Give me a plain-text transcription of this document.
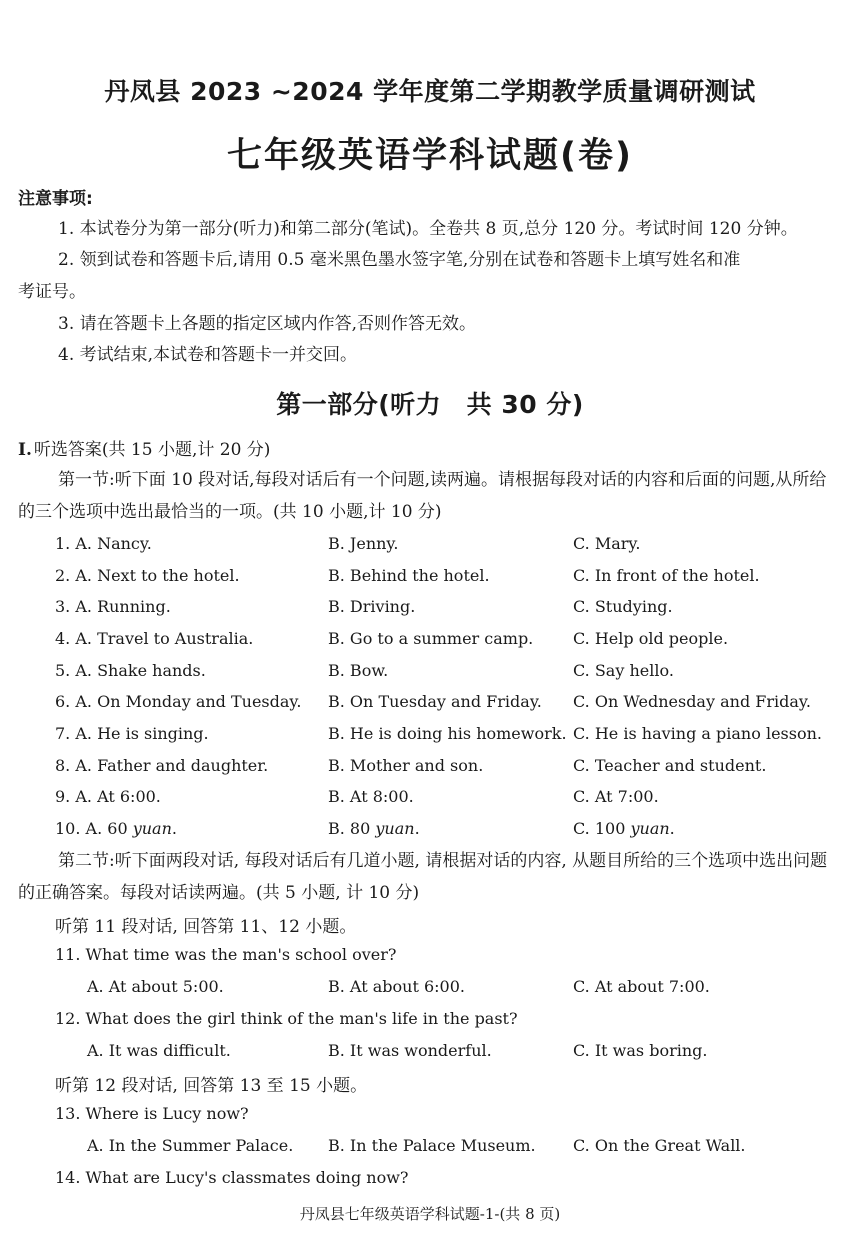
丹凤县 2023 ~2024 学年度第二学期教学质量调研测试
七年级英语学科试题(卷)
注意事项:
1. 本试卷分为第一部分(听力)和第二部分(笔试)。全卷共 8 页,总分 120 分。考试时间 120 分钟。
2. 领到试卷和答题卡后,请用 0.5 毫米黑色墨水签字笔,分别在试卷和答题卡上填写姓名和准
考证号。
3. 请在答题卡上各题的指定区域内作答,否则作答无效。
4. 考试结束,本试卷和答题卡一并交回。
第一部分(听力　共 30 分)
Ⅰ. 听选答案(共 15 小题,计 20 分)
第一节:听下面 10 段对话,每段对话后有一个问题,读两遍。请根据每段对话的内容和后面的问题,从所给的三个选项中选出最恰当的一项。(共 10 小题,计 10 分)
1. A. Nancy.	B. Jenny.	C. Mary.
2. A. Next to the hotel.	B. Behind the hotel.	C. In front of the hotel.
3. A. Running.	B. Driving.	C. Studying.
4. A. Travel to Australia.	B. Go to a summer camp. C. Help old people.
5. A. Shake hands.	B. Bow.	C. Say hello.
6. A. On Monday and Tuesday. B. On Tuesday and Friday. C. On Wednesday and Friday.
7. A. He is singing.	B. He is doing his homework. C. He is having a piano lesson.
8. A. Father and daughter.	B. Mother and son.	C. Teacher and student.
9. A. At 6:00.	B. At 8:00.	C. At 7:00.
10. A. 60 yuan.	B. 80 yuan.	C. 100 yuan.
第二节:听下面两段对话, 每段对话后有几道小题, 请根据对话的内容, 从题目所给的三个选项中选出问题的正确答案。每段对话读两遍。(共 5 小题, 计 10 分)
听第 11 段对话, 回答第 11、12 小题。
11. What time was the man's school over?
A. At about 5:00.	B. At about 6:00.	C. At about 7:00.
12. What does the girl think of the man's life in the past?
A. It was difficult.	B. It was wonderful.	C. It was boring.
听第 12 段对话, 回答第 13 至 15 小题。
13. Where is Lucy now?
A. In the Summer Palace. B. In the Palace Museum. C. On the Great Wall.
14. What are Lucy's classmates doing now?
丹凤县七年级英语学科试题-1-(共 8 页)
